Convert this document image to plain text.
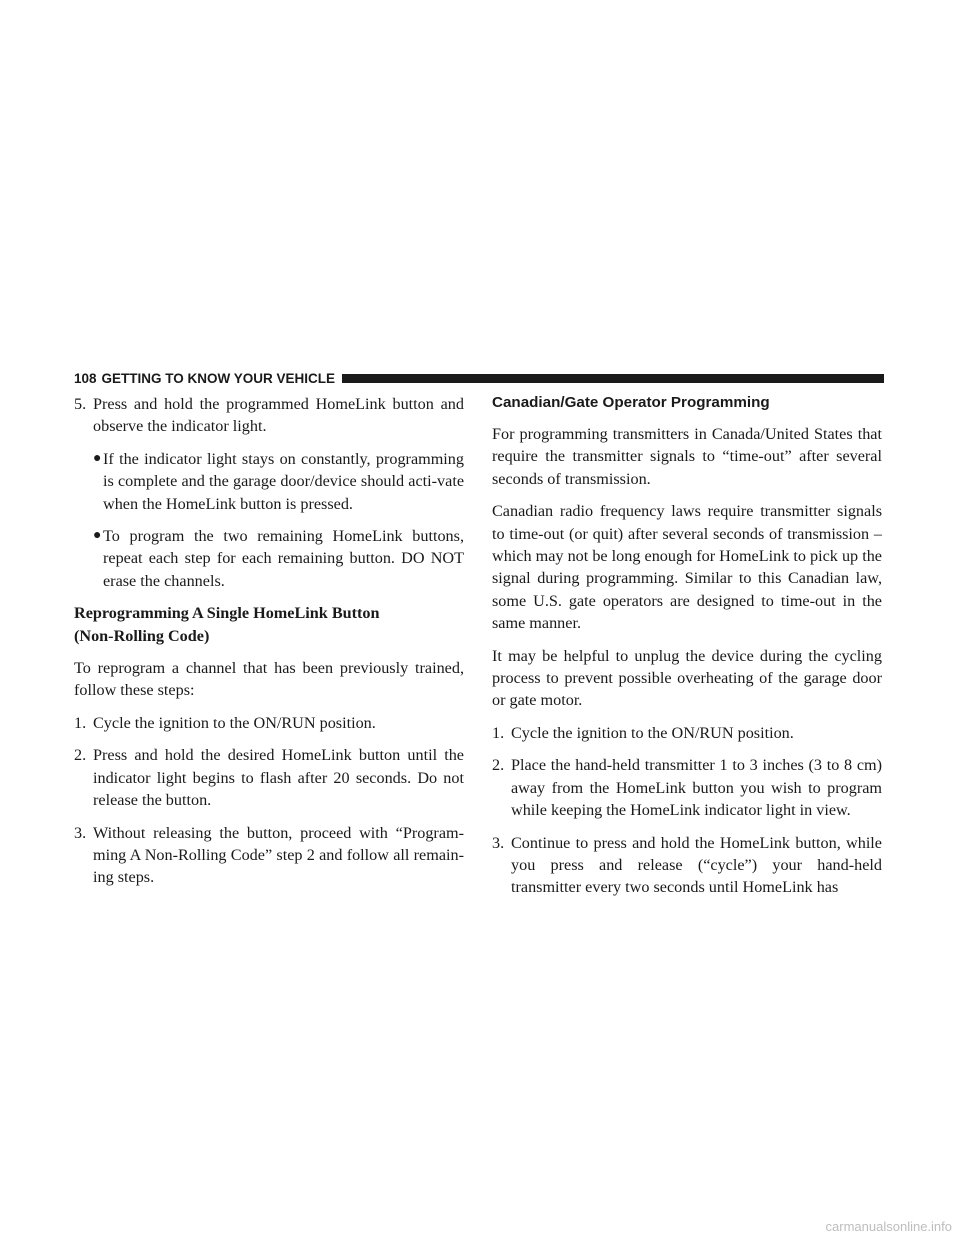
108 GETTING TO KNOW YOUR VEHICLE
5. Press and hold the programmed HomeLink button and observe the indicator light.
● If the indicator light stays on constantly, programming is complete and the garage door/device should acti-vate when the HomeLink button is pressed.
● To program the two remaining HomeLink buttons, repeat each step for each remaining button. DO NOT erase the channels.
Reprogramming A Single HomeLink Button
(Non-Rolling Code)

To reprogram a channel that has been previously trained, follow these steps:

1. Cycle the ignition to the ON/RUN position.
2. Press and hold the desired HomeLink button until the indicator light begins to flash after 20 seconds. Do not release the button.
3. Without releasing the button, proceed with “Program-ming A Non-Rolling Code” step 2 and follow all remain-ing steps.
Canadian/Gate Operator Programming

For programming transmitters in Canada/United States that require the transmitter signals to “time-out” after several seconds of transmission.

Canadian radio frequency laws require transmitter signals to time-out (or quit) after several seconds of transmission – which may not be long enough for HomeLink to pick up the signal during programming. Similar to this Canadian law, some U.S. gate operators are designed to time-out in the same manner.

It may be helpful to unplug the device during the cycling process to prevent possible overheating of the garage door or gate motor.

1. Cycle the ignition to the ON/RUN position.
2. Place the hand-held transmitter 1 to 3 inches (3 to 8 cm) away from the HomeLink button you wish to program while keeping the HomeLink indicator light in view.
3. Continue to press and hold the HomeLink button, while you press and release (“cycle”) your hand-held transmitter every two seconds until HomeLink has
carmanualsonline.info
